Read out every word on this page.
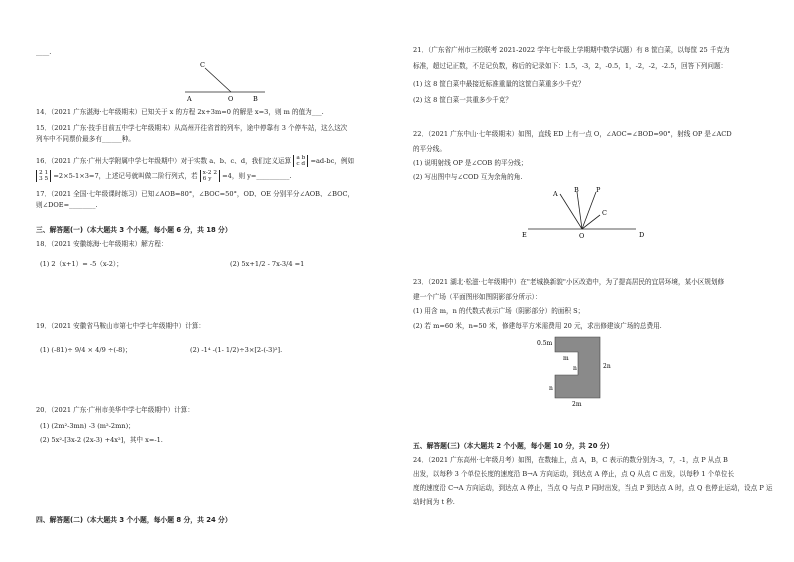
____.
C
A	O	B
14．（2021 广东湛海·七年级期末）已知关于 x 的方程 2x+3m=0 的解是 x=3，则 m 的值为___.
15．（2021 广东·技手目前五中学七年级期末）从高州开往省首的列车，途中停靠有 3 个停车站，这么这次
列车中不同票价最多有______种。
16．（2021 广东·广州大学附属中学七年级期中）对于实数 a、b、c、d，我们定义运算 a b
c d =ad-bc，例如
2 1
3 5 =2×5-1×3=7，上述记号就叫做二阶行列式，若 x-2 2
6 y =4，则 y=__________.
17．（2021 全国·七年级课时练习）已知∠AOB=80°，∠BOC=50°，OD、OE 分别平分∠AOB、∠BOC，
则∠DOE=________.
三、解答题(一)（本大题共 3 个小题，每小题 6 分，共 18 分）
18．（2021 安徽练海·七年级期末）解方程：
(1) 2（x+1）= -5（x-2）；	(2) 5x+1/2 - 7x-3/4 =1
19．（2021 安徽省马鞍山市第七中学七年级期中）计算：
(1) (-81)÷ 9/4 × 4/9 ÷(-8)；	(2) -1⁴ -(1- 1/2)÷3×[2-(-3)²].
20．（2021 广东·广州市美华中学七年级期中）计算：
(1) (2m²-3mn) -3 (m²-2mn)；
(2) 5x²-[3x-2 (2x-3) +4x²]，其中 x=-1.
四、解答题(二)（本大题共 3 个小题，每小题 8 分，共 24 分）
21．（广东省广州市三校联考 2021-2022 学年七年级上学期期中数学试题）有 8 筐白菜，以每筐 25 千克为
标准，超过记正数，不足记负数，称后的记录如下：1.5，-3，2，-0.5，1，-2，-2，-2.5，回答下列问题：
(1) 这 8 筐白菜中最接近标准重量的这筐白菜重多少千克？
(2) 这 8 筐白菜一共重多少千克？
22．（2021 广东中山·七年级期末）如图，直线 ED 上有一点 O，∠AOC=∠BOD=90°，射线 OP 是∠ACD
的平分线。
(1) 说明射线 OP 是∠COB 的平分线；
(2) 写出图中与∠COD 互为余角的角.
A	B	P
C
E	O	D
23．（2021 湖北·松滋·七年级期中）在"老城换新貌"小区改造中，为了提高居民的宜居环境，某小区规划修
建一个广场（平面图形如图阴影部分所示）：
(1) 用含 m，n 的代数式表示广场（阴影部分）的面积 S；
(2) 若 m=60 米，n=50 米，修建每平方米需费用 20 元，求出修建该广场的总费用.
0.5m
m
n
n
2n
2m
五、解答题(三)（本大题共 2 个小题，每小题 10 分，共 20 分）
24．（2021 广东高州·七年级月考）如图，在数轴上，点 A，B，C 表示的数分别为-3，7，-1，点 P 从点 B
出发，以每秒 3 个单位长度的速度沿 B→A 方向运动，到达点 A 停止，点 Q 从点 C 出发，以每秒 1 个单位长
度的速度沿 C→A 方向运动，到达点 A 停止，当点 Q 与点 P 同时出发，当点 P 到达点 A 时，点 Q 也停止运动，设点 P 运
动时间为 t 秒.
